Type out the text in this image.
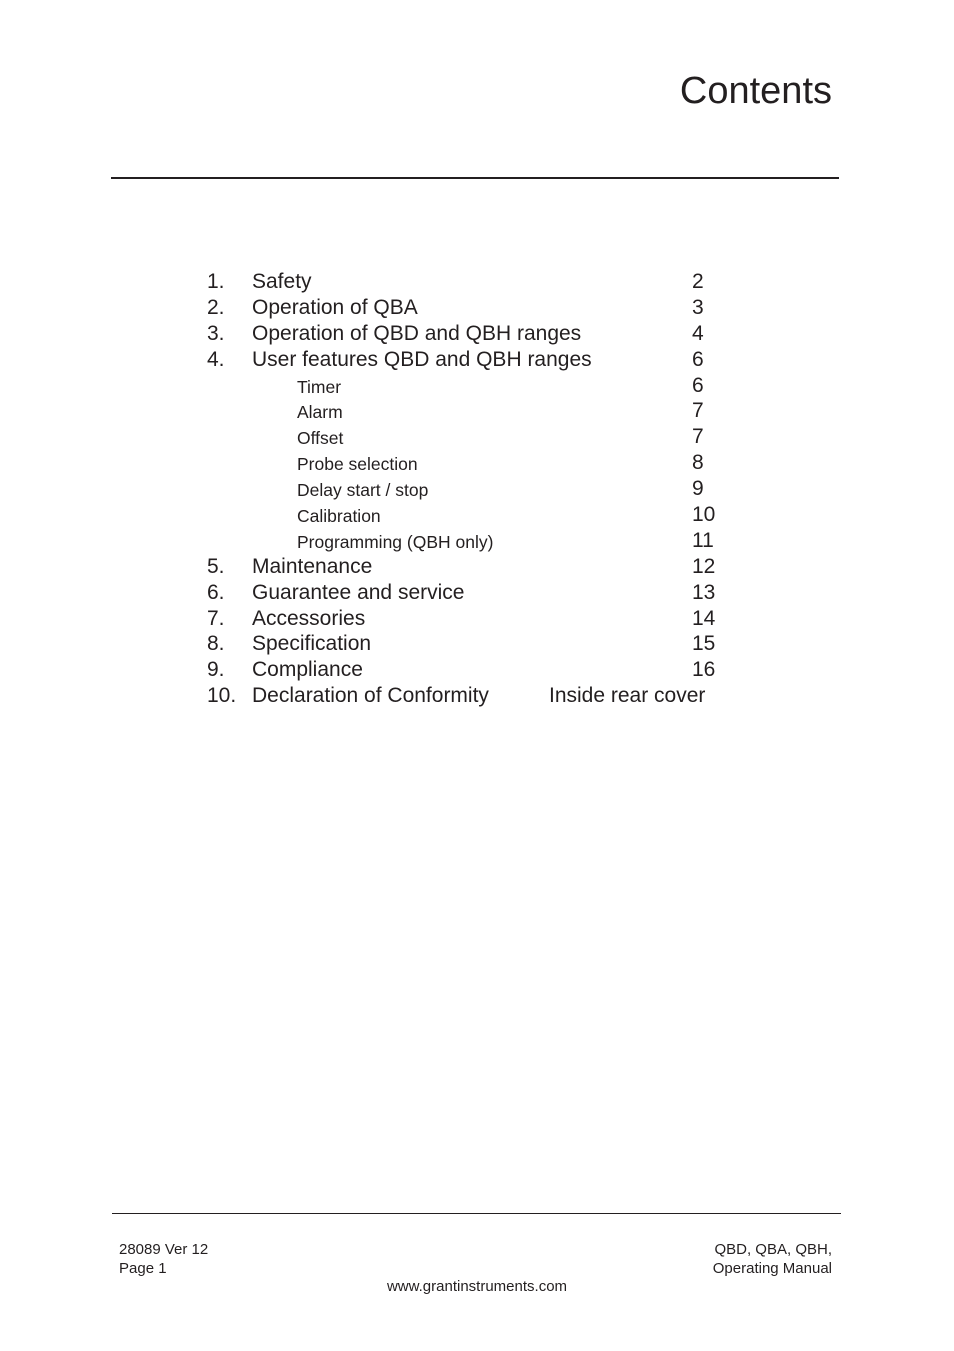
Contents
1. Safety	2
2. Operation of QBA	3
3. Operation of QBD and QBH ranges	4
4. User features QBD and QBH ranges	6
Timer	6
Alarm	7
Offset	7
Probe selection	8
Delay start / stop	9
Calibration	10
Programming (QBH only)	11
5. Maintenance	12
6. Guarantee and service	13
7. Accessories	14
8. Specification	15
9. Compliance	16
10. Declaration of Conformity	Inside rear cover
28089 Ver 12
Page 1
QBD, QBA, QBH,
Operating Manual
www.grantinstruments.com
